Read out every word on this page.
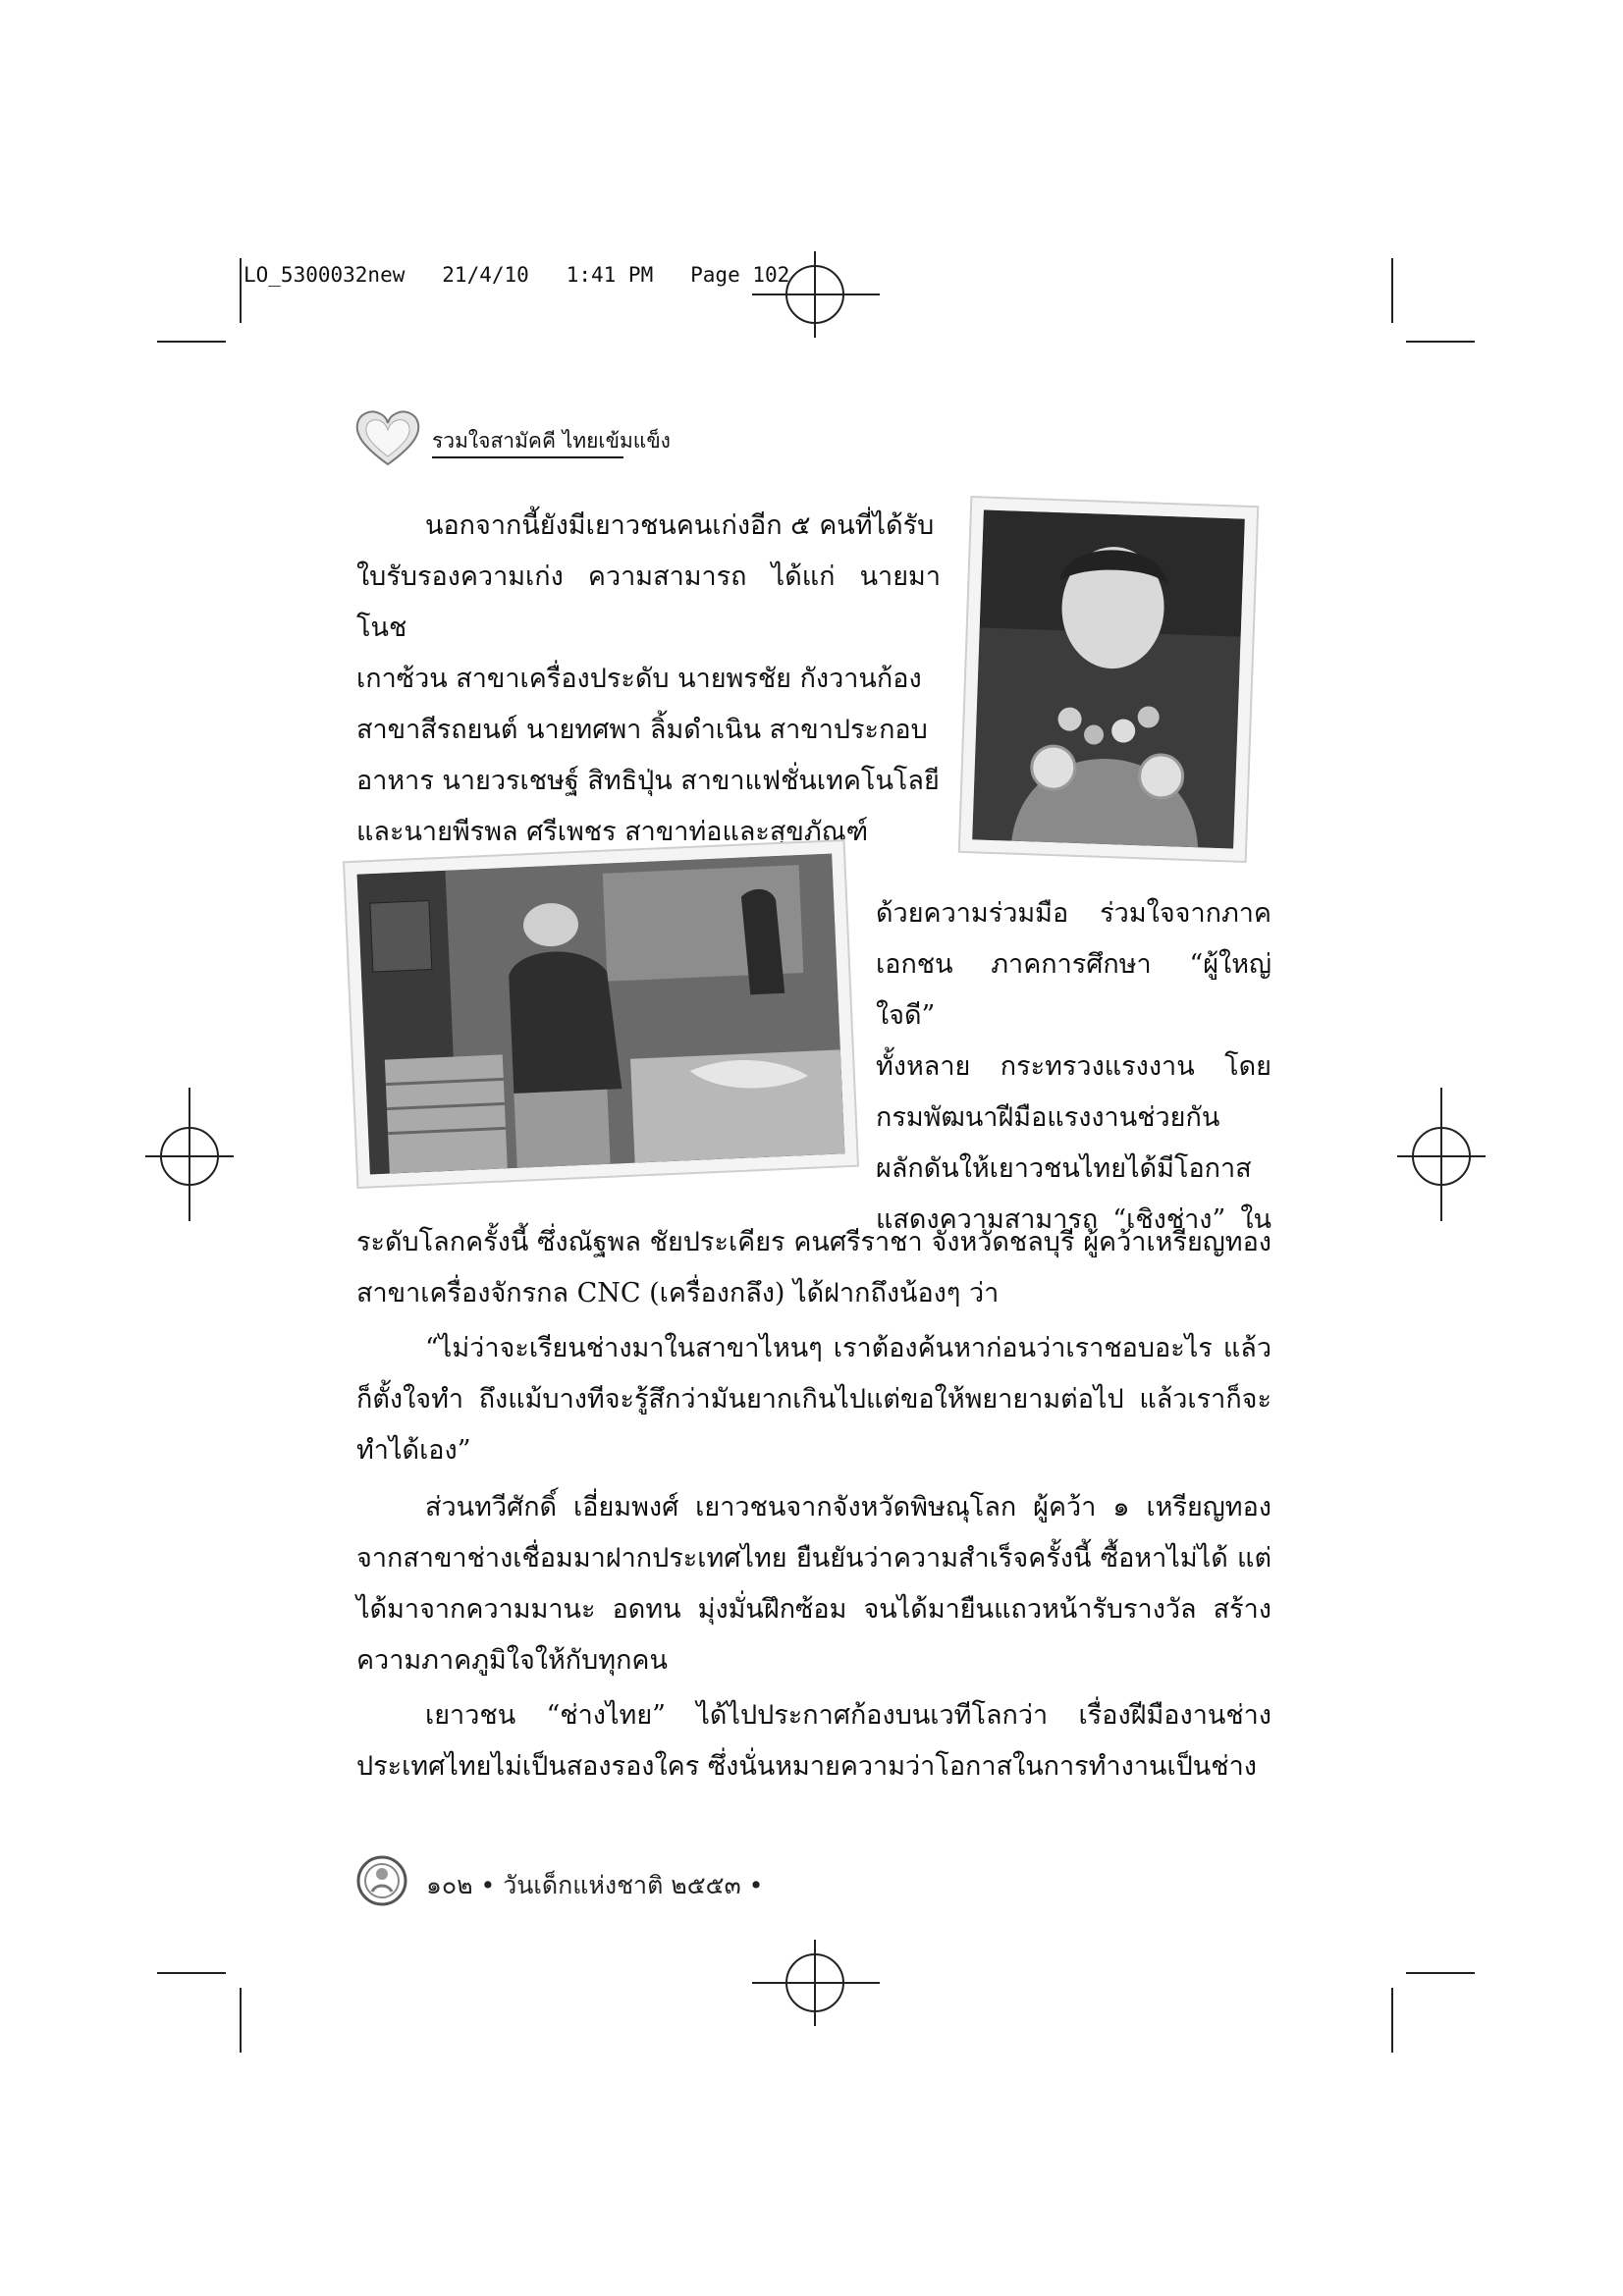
LO_5300032new   21/4/10   1:41 PM   Page 102
รวมใจสามัคคี ไทยเข้มแข็ง
นอกจากนี้ยังมีเยาวชนคนเก่งอีก ๕ คนที่ได้รับ
ใบรับรองความเก่ง ความสามารถ ได้แก่ นายมาโนช
เกาซ้วน สาขาเครื่องประดับ นายพรชัย กังวานก้อง
สาขาสีรถยนต์ นายทศพา ลิ้มดำเนิน สาขาประกอบ
อาหาร นายวรเชษฐ์ สิทธิปุ่น สาขาแฟชั่นเทคโนโลยี
และนายพีรพล ศรีเพชร สาขาท่อและสุขภัณฑ์
ด้วยความร่วมมือ ร่วมใจจากภาค
เอกชน ภาคการศึกษา “ผู้ใหญ่ใจดี”
ทั้งหลาย กระทรวงแรงงาน โดย
กรมพัฒนาฝีมือแรงงานช่วยกัน
ผลักดันให้เยาวชนไทยได้มีโอกาส
แสดงความสามารถ “เชิงช่าง” ใน
ระดับโลกครั้งนี้ ซึ่งณัฐพล ชัยประเคียร คนศรีราชา จังหวัดชลบุรี ผู้คว้าเหรียญทอง สาขาเครื่องจักรกล CNC (เครื่องกลึง) ได้ฝากถึงน้องๆ ว่า
“ไม่ว่าจะเรียนช่างมาในสาขาไหนๆ เราต้องค้นหาก่อนว่าเราชอบอะไร แล้วก็ตั้งใจทำ ถึงแม้บางทีจะรู้สึกว่ามันยากเกินไปแต่ขอให้พยายามต่อไป แล้วเราก็จะทำได้เอง”
ส่วนทวีศักดิ์ เอี่ยมพงศ์ เยาวชนจากจังหวัดพิษณุโลก ผู้คว้า ๑ เหรียญทอง จากสาขาช่างเชื่อมมาฝากประเทศไทย ยืนยันว่าความสำเร็จครั้งนี้ ซื้อหาไม่ได้ แต่ได้มาจากความมานะ อดทน มุ่งมั่นฝึกซ้อม จนได้มายืนแถวหน้ารับรางวัล สร้างความภาคภูมิใจให้กับทุกคน
เยาวชน “ช่างไทย” ได้ไปประกาศก้องบนเวทีโลกว่า เรื่องฝีมืองานช่าง ประเทศไทยไม่เป็นสองรองใคร ซึ่งนั่นหมายความว่าโอกาสในการทำงานเป็นช่าง
๑๐๒ • วันเด็กแห่งชาติ ๒๕๕๓ •
